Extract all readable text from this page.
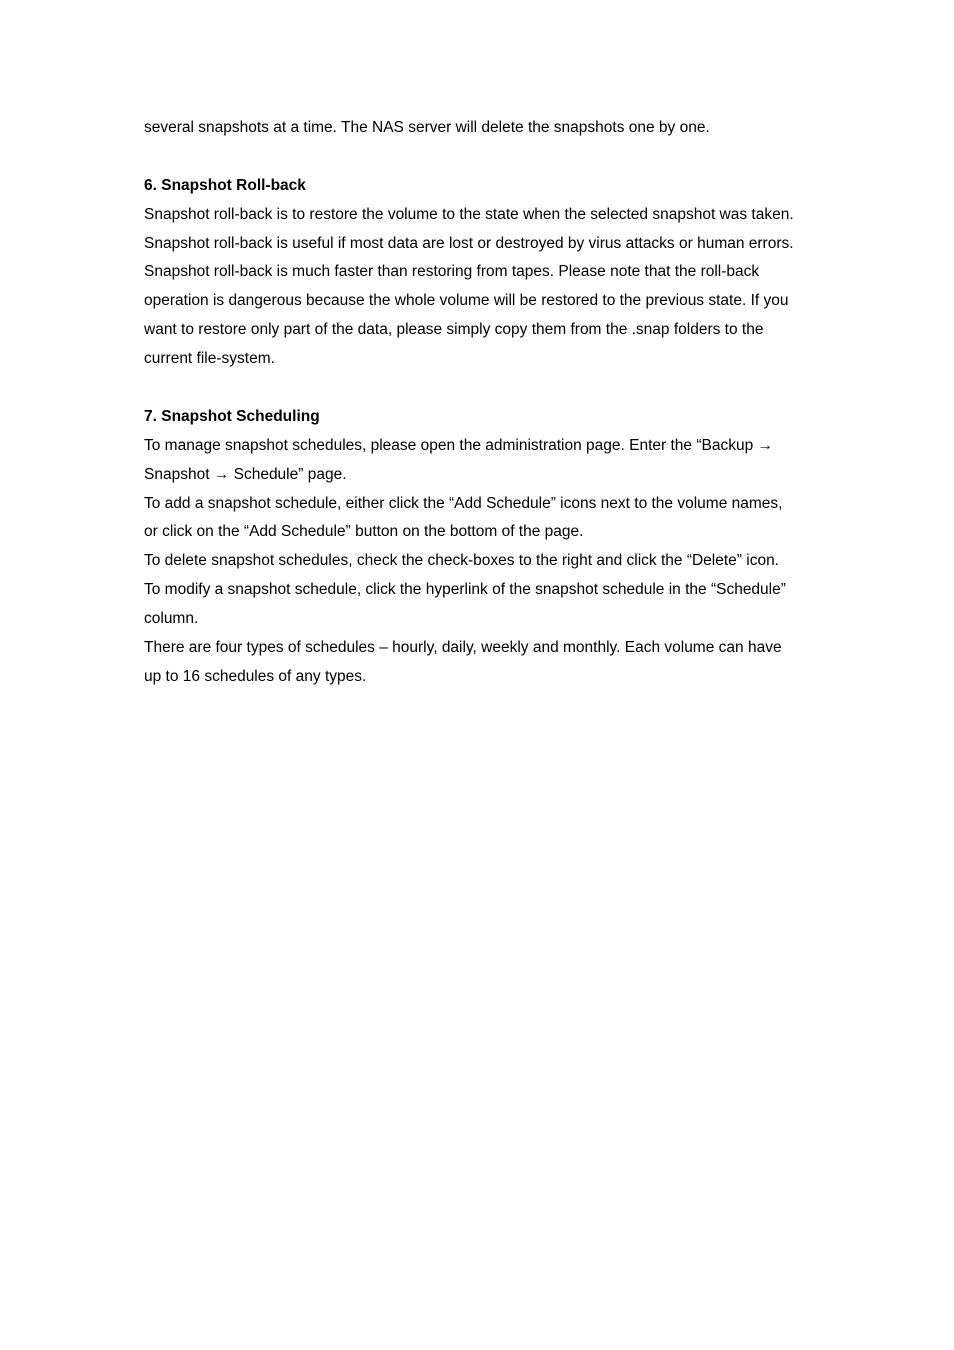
several snapshots at a time. The NAS server will delete the snapshots one by one.

6. Snapshot Roll-back

Snapshot roll-back is to restore the volume to the state when the selected snapshot was taken.

Snapshot roll-back is useful if most data are lost or destroyed by virus attacks or human errors.

Snapshot roll-back is much faster than restoring from tapes. Please note that the roll-back

operation is dangerous because the whole volume will be restored to the previous state. If you

want to restore only part of the data, please simply copy them from the .snap folders to the

current file-system.

7. Snapshot Scheduling

To manage snapshot schedules, please open the administration page. Enter the “Backup →

Snapshot → Schedule” page.

To add a snapshot schedule, either click the “Add Schedule” icons next to the volume names,

or click on the “Add Schedule” button on the bottom of the page.

To delete snapshot schedules, check the check-boxes to the right and click the “Delete” icon.

To modify a snapshot schedule, click the hyperlink of the snapshot schedule in the “Schedule”

column.

There are four types of schedules – hourly, daily, weekly and monthly. Each volume can have

up to 16 schedules of any types.
